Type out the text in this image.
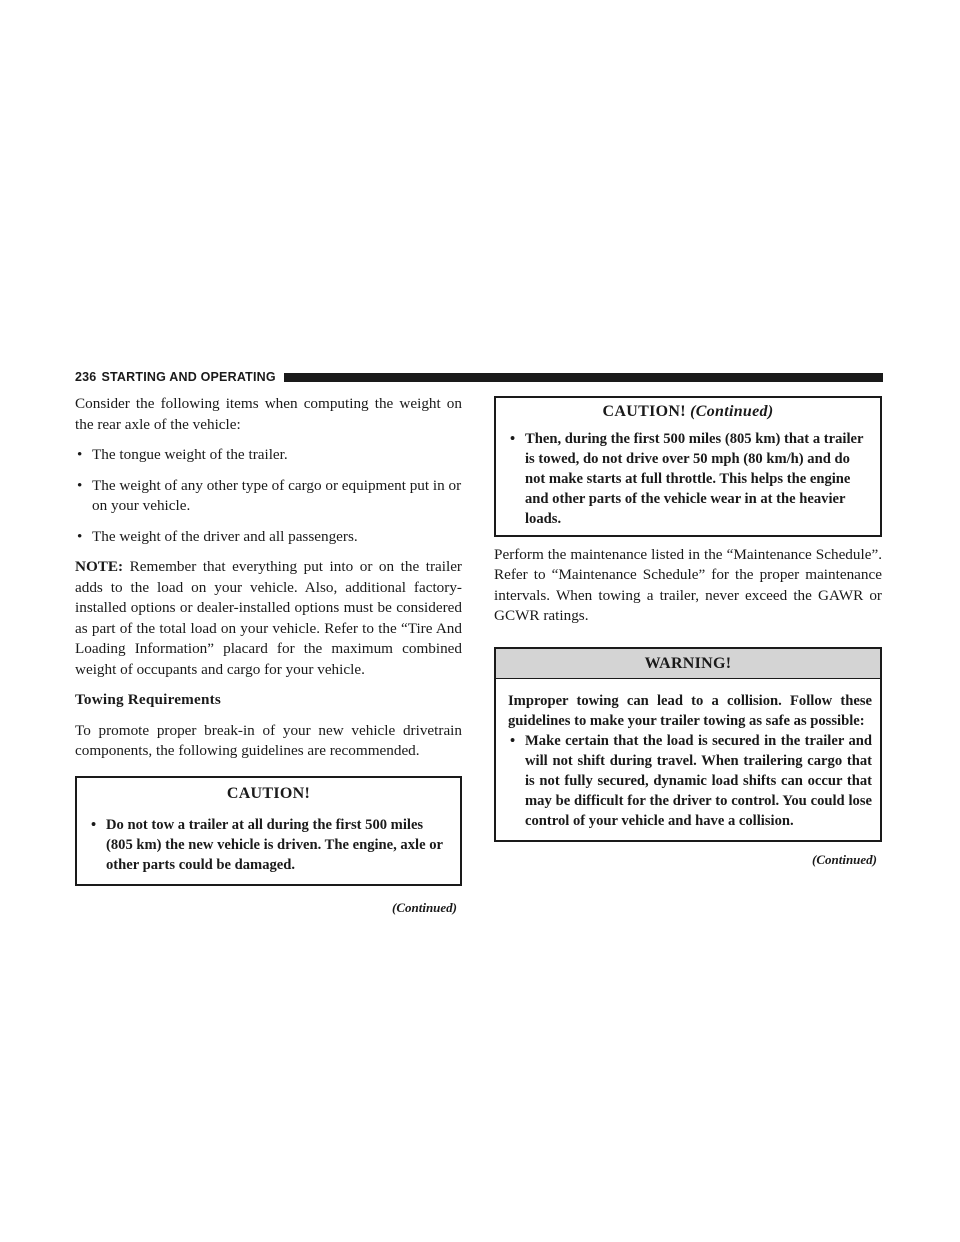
236 STARTING AND OPERATING

Consider the following items when computing the weight on the rear axle of the vehicle:

• The tongue weight of the trailer.
• The weight of any other type of cargo or equipment put in or on your vehicle.
• The weight of the driver and all passengers.

NOTE: Remember that everything put into or on the trailer adds to the load on your vehicle. Also, additional factory-installed options or dealer-installed options must be considered as part of the total load on your vehicle. Refer to the “Tire And Loading Information” placard for the maximum combined weight of occupants and cargo for your vehicle.

Towing Requirements

To promote proper break-in of your new vehicle drivetrain components, the following guidelines are recommended.

CAUTION!
• Do not tow a trailer at all during the first 500 miles (805 km) the new vehicle is driven. The engine, axle or other parts could be damaged.
(Continued)
CAUTION! (Continued)
• Then, during the first 500 miles (805 km) that a trailer is towed, do not drive over 50 mph (80 km/h) and do not make starts at full throttle. This helps the engine and other parts of the vehicle wear in at the heavier loads.

Perform the maintenance listed in the “Maintenance Schedule”. Refer to “Maintenance Schedule” for the proper maintenance intervals. When towing a trailer, never exceed the GAWR or GCWR ratings.

WARNING!

Improper towing can lead to a collision. Follow these guidelines to make your trailer towing as safe as possible:

• Make certain that the load is secured in the trailer and will not shift during travel. When trailering cargo that is not fully secured, dynamic load shifts can occur that may be difficult for the driver to control. You could lose control of your vehicle and have a collision.
(Continued)
